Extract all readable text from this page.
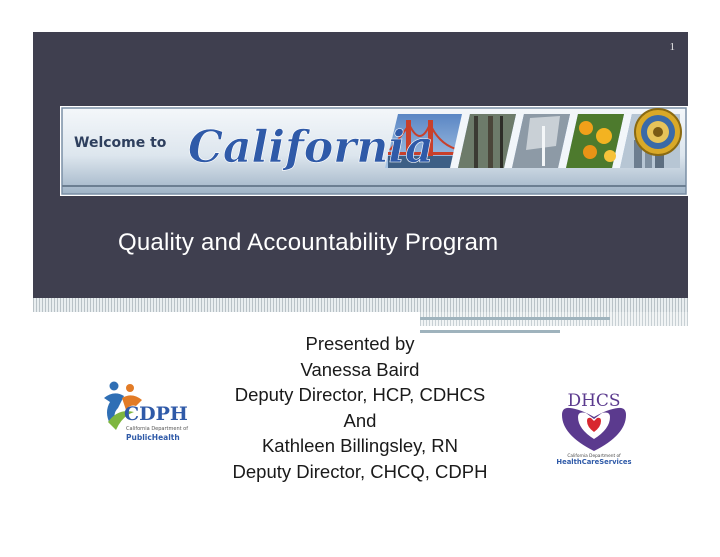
1
Welcome to California
Quality and Accountability Program
Presented by
Vanessa Baird
Deputy Director, HCP, CDHCS
And
Kathleen Billingsley, RN
Deputy Director, CHCQ, CDPH
CDPH
California Department of
PublicHealth
DHCS
California Department of
HealthCareServices
